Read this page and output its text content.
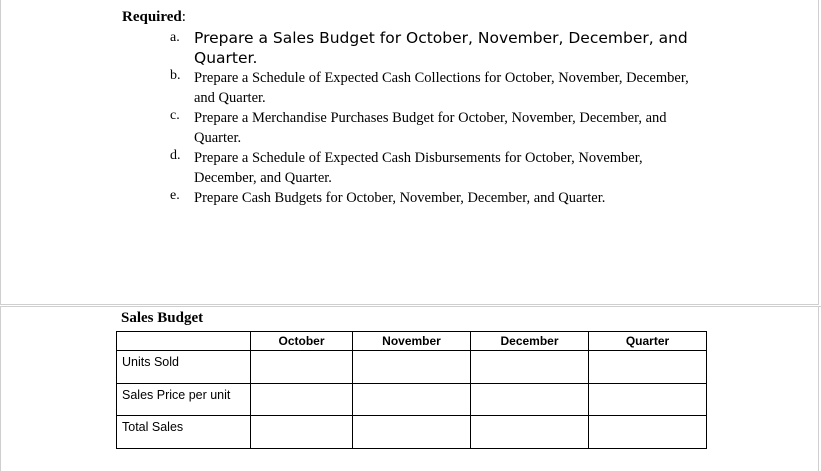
Required:
a. Prepare a Sales Budget for October, November, December, and Quarter.
b. Prepare a Schedule of Expected Cash Collections for October, November, December, and Quarter.
c. Prepare a Merchandise Purchases Budget for October, November, December, and Quarter.
d. Prepare a Schedule of Expected Cash Disbursements for October, November, December, and Quarter.
e. Prepare Cash Budgets for October, November, December, and Quarter.
Sales Budget
	October	November	December	Quarter
Units Sold				
Sales Price per unit				
Total Sales				
